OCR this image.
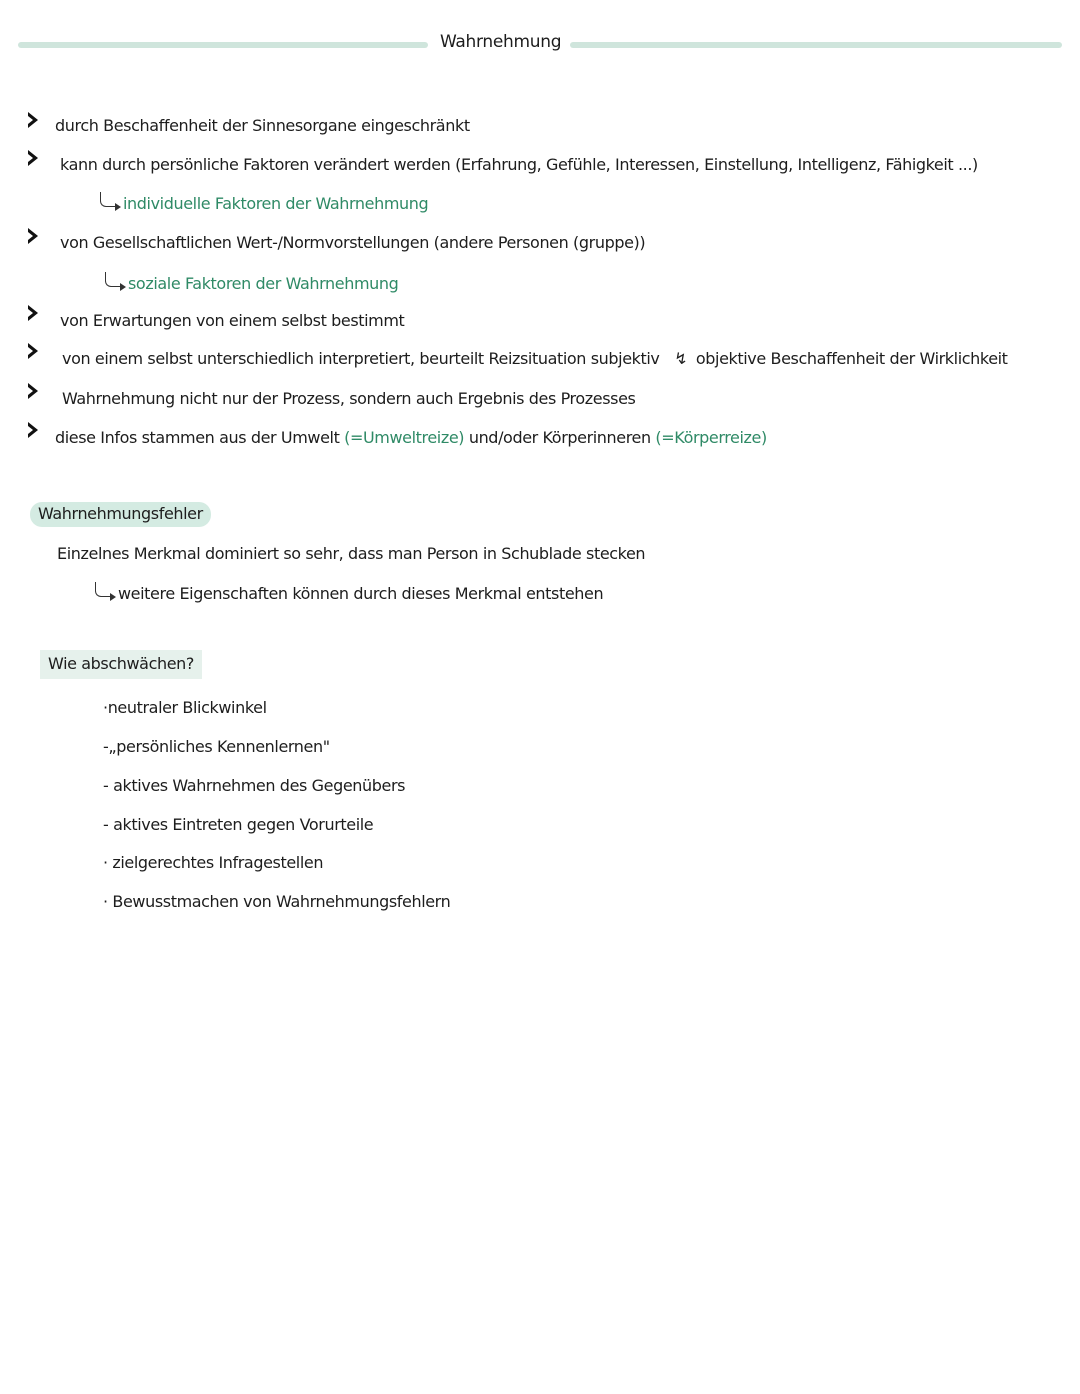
Wahrnehmung
durch Beschaffenheit der Sinnesorgane eingeschränkt
kann durch persönliche Faktoren verändert werden (Erfahrung, Gefühle, Interessen, Einstellung, Intelligenz, Fähigkeit ...)
individuelle Faktoren der Wahrnehmung
von Gesellschaftlichen Wert-/Normvorstellungen (andere Personen (gruppe))
soziale Faktoren der Wahrnehmung
von Erwartungen von einem selbst bestimmt
von einem selbst unterschiedlich interpretiert, beurteilt Reizsituation subjektiv ↯ objektive Beschaffenheit der Wirklichkeit
Wahrnehmung nicht nur der Prozess, sondern auch Ergebnis des Prozesses
diese Infos stammen aus der Umwelt (=Umweltreize) und/oder Körperinneren (=Körperreize)
Wahrnehmungsfehler
Einzelnes Merkmal dominiert so sehr, dass man Person in Schublade stecken
weitere Eigenschaften können durch dieses Merkmal entstehen
Wie abschwächen?
·neutraler Blickwinkel
-„persönliches Kennenlernen"
- aktives Wahrnehmen des Gegenübers
- aktives Eintreten gegen Vorurteile
· zielgerechtes Infragestellen
· Bewusstmachen von Wahrnehmungsfehlern
